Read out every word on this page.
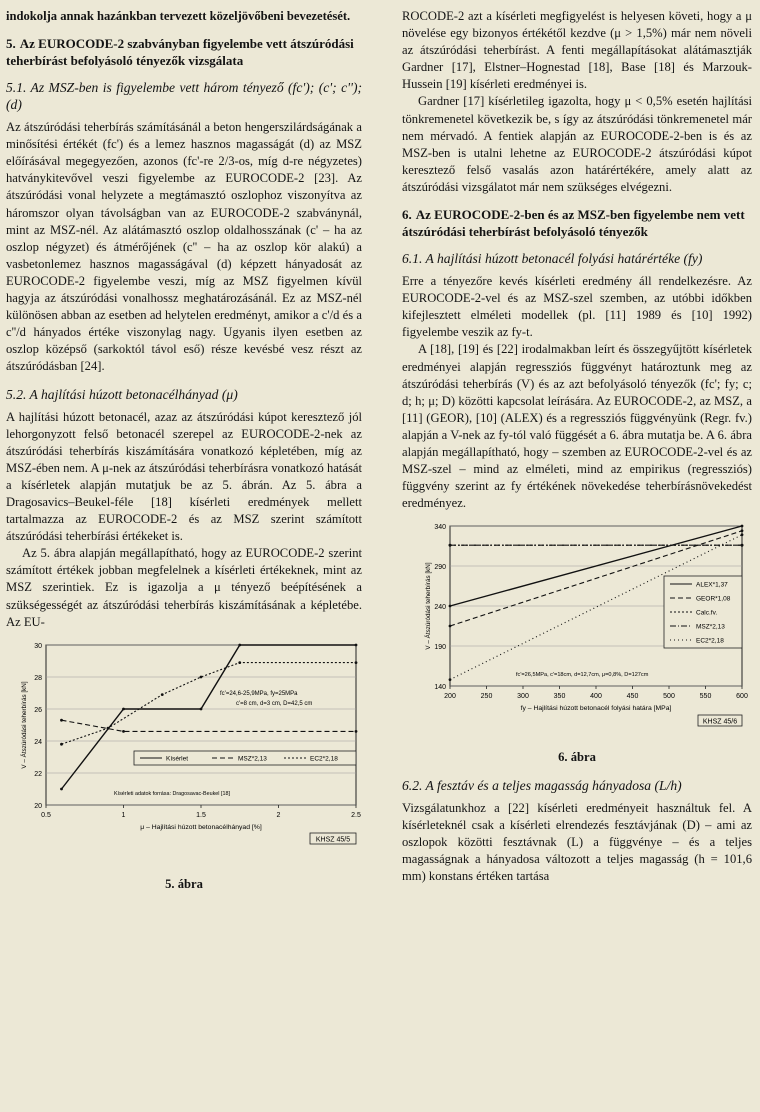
indokolja annak hazánkban tervezett közeljövőbeni bevezetését.

5. Az EUROCODE-2 szabványban figyelembe vett átszúródási teherbírást befolyásoló tényezők vizsgálata
5.1. Az MSZ-ben is figyelembe vett három tényező (fc'); (c'; c''); (d)

Az átszúródási teherbírás számításánál a beton hengerszilárdságának a minősítési értékét (fc') és a lemez hasznos magasságát (d) az MSZ előírásával megegyezően, azonos (fc'-re 2/3-os, míg d-re négyzetes) hatványkitevővel veszi figyelembe az EUROCODE-2 [23]. Az átszúródási vonal helyzete a megtámasztó oszlophoz viszonyítva az háromszor olyan távolságban van az EUROCODE-2 szabványnál, mint az MSZ-nél. Az alátámasztó oszlop oldalhosszának (c' – ha az oszlop négyzet) és átmérőjének (c'' – ha az oszlop kör alakú) a vasbetonlemez hasznos magasságával (d) képzett hányadosát az EUROCODE-2 figyelembe veszi, míg az MSZ figyelmen kívül hagyja az átszúródási vonalhossz meghatározásánál. Ez az MSZ-nél különösen abban az esetben ad helytelen eredményt, amikor a c'/d és a c''/d hányados értéke viszonylag nagy. Ugyanis ilyen esetben az oszlop középső (sarkoktól távol eső) része kevésbé vesz részt az átszúródásban [24].

5.2. A hajlítási húzott betonacélhányad (μ)

A hajlítási húzott betonacél, azaz az átszúródási kúpot keresztező jól lehorgonyzott felső betonacél szerepel az EUROCODE-2-nek az átszúródási teherbírás kiszámítására vonatkozó képletében, míg az MSZ-ében nem. A μ-nek az átszúródási teherbírásra vonatkozó hatását a kísérletek alapján mutatjuk be az 5. ábrán. Az 5. ábra a Dragosavics–Beukel-féle [18] kísérleti eredmények mellett tartalmazza az EUROCODE-2 és az MSZ szerint számított átszúródási teherbírási értékeket is.

Az 5. ábra alapján megállapítható, hogy az EUROCODE-2 szerint számított értékek jobban megfelelnek a kísérleti értékeknek, mint az MSZ szerintiek. Ez is igazolja a μ tényező beépítésének a szükségességét az átszúródási teherbírás kiszámításának a képletébe. Az EU-

20
22
24
26
28
30
0.5	1	1.5	2	2.5
μ – Hajlítási húzott betonacélhányad [%]
V – Átszúródási teherbírás [kN]	Kísérlet	MSZ*2,13	EC2*2,18
fc'=24,6-25,9MPa, fy=25MPa
c'=8 cm, d=3 cm, D=42,5 cm
Kísérleti adatok forrása: Dragosavac-Beukel [18]
KHSZ 45/5

5. ábra

ROCODE-2 azt a kísérleti megfigyelést is helyesen követi, hogy a μ növelése egy bizonyos értékétől kezdve (μ > 1,5%) már nem növeli az átszúródási teherbírást. A fenti megállapításokat alátámasztják Gardner [17], Elstner–Hognestad [18], Base [18] és Marzouk-Hussein [19] kísérleti eredményei is.

Gardner [17] kísérletileg igazolta, hogy μ < 0,5% esetén hajlítási tönkremenetel következik be, s így az átszúródási tönkremenetel már nem mérvadó. A fentiek alapján az EUROCODE-2-ben is és az MSZ-ben is utalni lehetne az EUROCODE-2 átszúródási kúpot keresztező felső vasalás azon határértékére, amely alatt az átszúródási vizsgálatot már nem szükséges elvégezni.

6. Az EUROCODE-2-ben és az MSZ-ben figyelembe nem vett átszúródási teherbírást befolyásoló tényezők
6.1. A hajlítási húzott betonacél folyási határértéke (fy)

Erre a tényezőre kevés kísérleti eredmény áll rendelkezésre. Az EUROCODE-2-vel és az MSZ-szel szemben, az utóbbi időkben kifejlesztett elméleti modellek (pl. [11] 1989 és [10] 1992) figyelembe veszik az fy-t.

A [18], [19] és [22] irodalmakban leírt és összegyűjtött kísérletek eredményei alapján regressziós függvényt határoztunk meg az átszúródási teherbírás (V) és az azt befolyásoló tényezők (fc'; fy; c; d; h; μ; D) közötti kapcsolat leírására. Az EUROCODE-2, az MSZ, a [11] (GEOR), [10] (ALEX) és a regressziós függvényünk (Regr. fv.) alapján a V-nek az fy-tól való függését a 6. ábra mutatja be. A 6. ábra alapján megállapítható, hogy – szemben az EUROCODE-2-vel és az MSZ-szel – mind az elméleti, mind az empirikus (regressziós) függvény szerint az fy értékének növekedése teherbírásnövekedést eredményez.

140
190
240
290
340
200	250	300	350	400	450	500	550	600
fy – Hajlítási húzott betonacél folyási határa [MPa]
V – Átszúródási teherbírás [kN]	ALEX*1,37
GEOR*1,08
Calc.fv.
MSZ*2,13
EC2*2,18
fc'=26,5MPa, c'=18cm, d=12,7cm, μ=0,8%, D=127cm
KHSZ 45/6

6. ábra

6.2. A fesztáv és a teljes magasság hányadosa (L/h)

Vizsgálatunkhoz a [22] kísérleti eredményeit használtuk fel. A kísérleteknél csak a kísérleti elrendezés fesztávjának (D) – ami az oszlopok közötti fesztávnak (L) a függvénye – és a teljes magasságnak a hányadosa változott a teljes magasság (h = 101,6 mm) konstans értéken tartása
